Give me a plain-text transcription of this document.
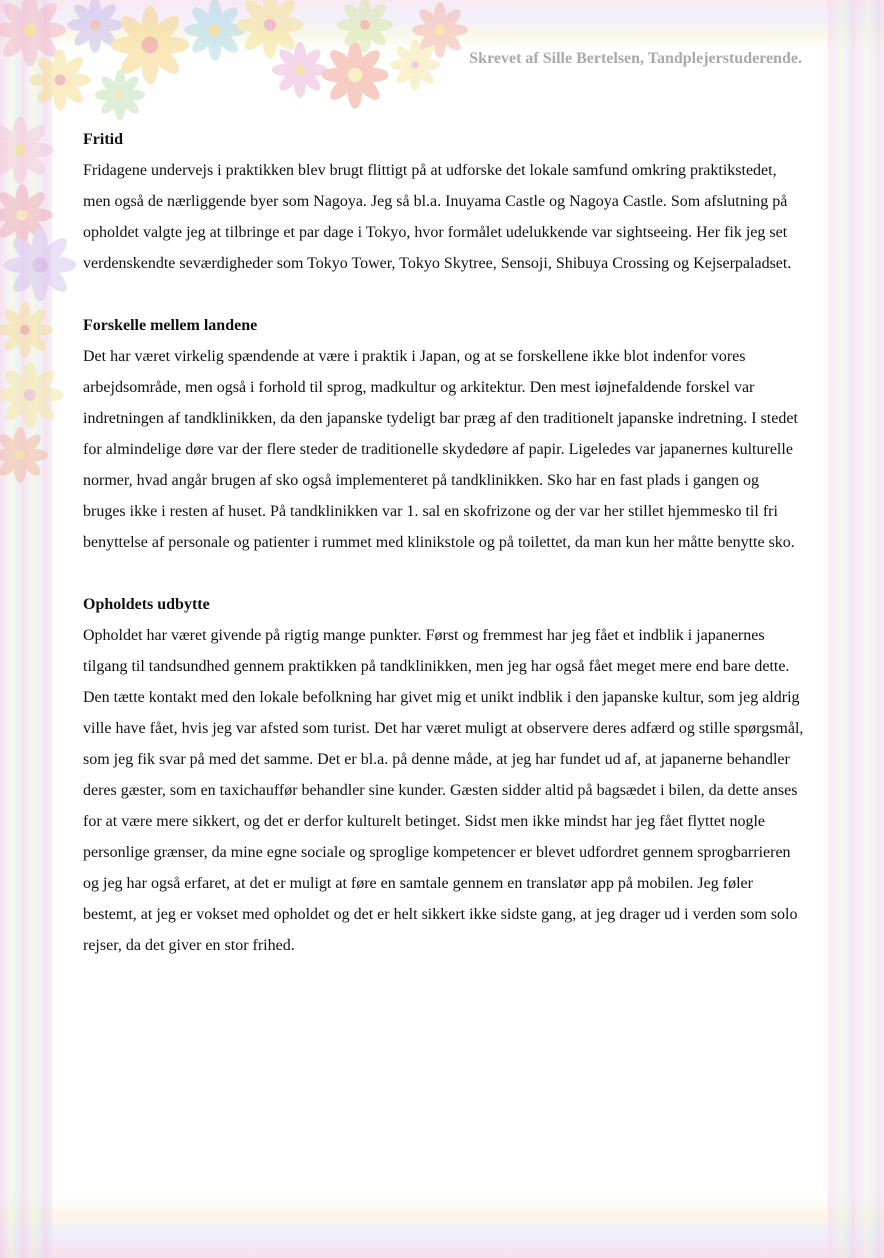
Skrevet af Sille Bertelsen, Tandplejerstuderende.
Fritid

Fridagene undervejs i praktikken blev brugt flittigt på at udforske det lokale samfund omkring praktikstedet, men også de nærliggende byer som Nagoya. Jeg så bl.a. Inuyama Castle og Nagoya Castle. Som afslutning på opholdet valgte jeg at tilbringe et par dage i Tokyo, hvor formålet udelukkende var sightseeing. Her fik jeg set verdenskendte seværdigheder som Tokyo Tower, Tokyo Skytree, Sensoji, Shibuya Crossing og Kejserpaladset.

Forskelle mellem landene

Det har været virkelig spændende at være i praktik i Japan, og at se forskellene ikke blot indenfor vores arbejdsområde, men også i forhold til sprog, madkultur og arkitektur. Den mest iøjnefaldende forskel var indretningen af tandklinikken, da den japanske tydeligt bar præg af den traditionelt japanske indretning. I stedet for almindelige døre var der flere steder de traditionelle skydedøre af papir. Ligeledes var japanernes kulturelle normer, hvad angår brugen af sko også implementeret på tandklinikken. Sko har en fast plads i gangen og bruges ikke i resten af huset. På tandklinikken var 1. sal en skofrizone og der var her stillet hjemmesko til fri benyttelse af personale og patienter i rummet med klinikstole og på toilettet, da man kun her måtte benytte sko.

Opholdets udbytte

Opholdet har været givende på rigtig mange punkter. Først og fremmest har jeg fået et indblik i japanernes tilgang til tandsundhed gennem praktikken på tandklinikken, men jeg har også fået meget mere end bare dette. Den tætte kontakt med den lokale befolkning har givet mig et unikt indblik i den japanske kultur, som jeg aldrig ville have fået, hvis jeg var afsted som turist. Det har været muligt at observere deres adfærd og stille spørgsmål, som jeg fik svar på med det samme. Det er bl.a. på denne måde, at jeg har fundet ud af, at japanerne behandler deres gæster, som en taxichauffør behandler sine kunder. Gæsten sidder altid på bagsædet i bilen, da dette anses for at være mere sikkert, og det er derfor kulturelt betinget. Sidst men ikke mindst har jeg fået flyttet nogle personlige grænser, da mine egne sociale og sproglige kompetencer er blevet udfordret gennem sprogbarrieren og jeg har også erfaret, at det er muligt at føre en samtale gennem en translatør app på mobilen. Jeg føler bestemt, at jeg er vokset med opholdet og det er helt sikkert ikke sidste gang, at jeg drager ud i verden som solo rejser, da det giver en stor frihed.
